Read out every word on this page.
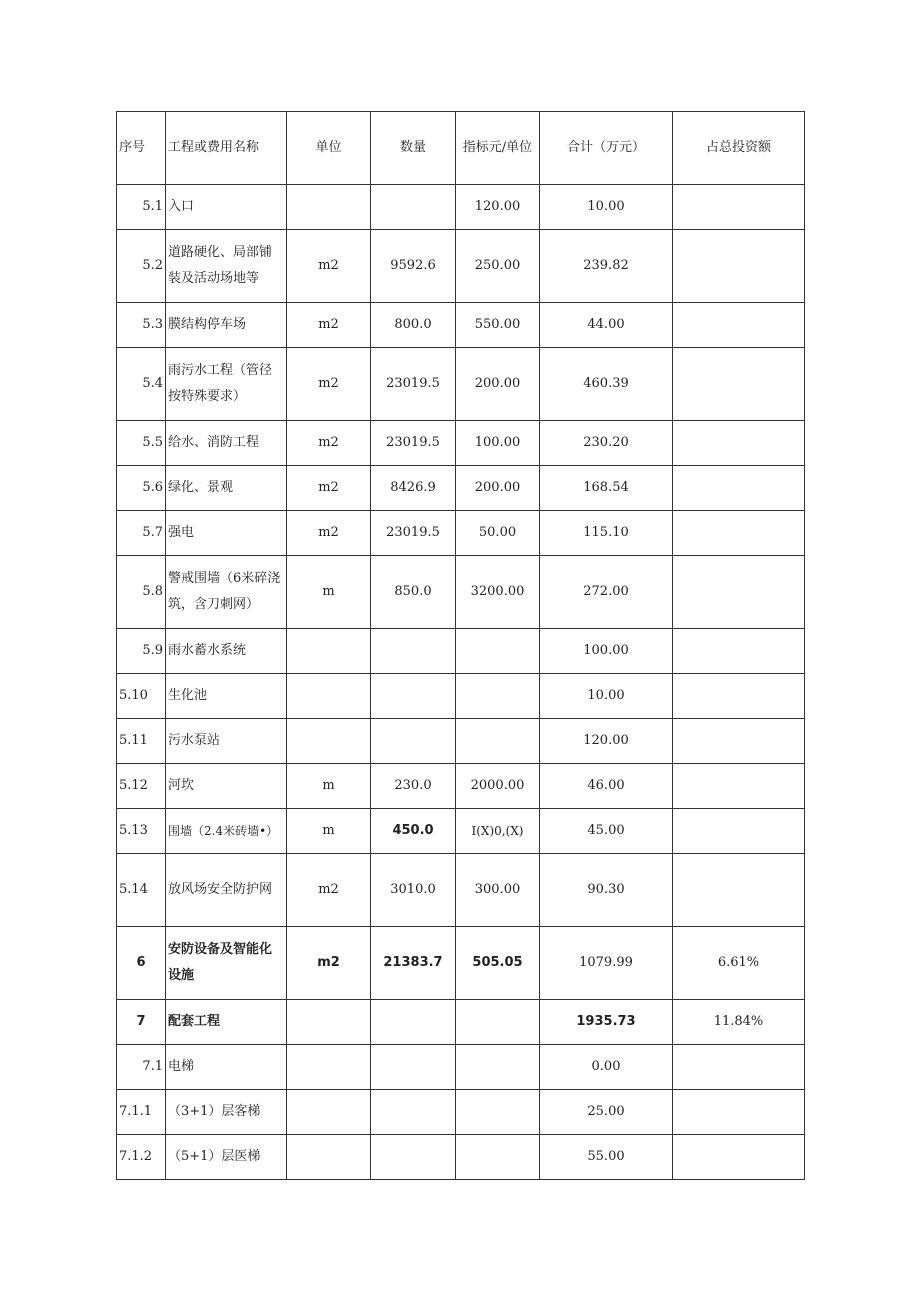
序号	工程或费用名称	单位	数量	指标元/单位	合计（万元）	占总投资额
5.1	入口			120.00	10.00	
5.2	道路硬化、局部铺装及活动场地等	m2	9592.6	250.00	239.82	
5.3	膜结构停车场	m2	800.0	550.00	44.00	
5.4	雨污水工程（管径按特殊要求）	m2	23019.5	200.00	460.39	
5.5	给水、消防工程	m2	23019.5	100.00	230.20	
5.6	绿化、景观	m2	8426.9	200.00	168.54	
5.7	强电	m2	23019.5	50.00	115.10	
5.8	警戒围墙（6米碎浇筑，含刀刺网）	m	850.0	3200.00	272.00	
5.9	雨水蓄水系统				100.00	
5.10	生化池				10.00	
5.11	污水泵站				120.00	
5.12	河坎	m	230.0	2000.00	46.00	
5.13	围墙（2.4米砖墙•）	m	450.0	I(X)0,(X)	45.00	
5.14	放风场安全防护网	m2	3010.0	300.00	90.30	
6	安防设备及智能化设施	m2	21383.7	505.05	1079.99	6.61%
7	配套工程				1935.73	11.84%
7.1	电梯				0.00	
7.1.1	（3+1）层客梯				25.00	
7.1.2	（5+1）层医梯				55.00	
